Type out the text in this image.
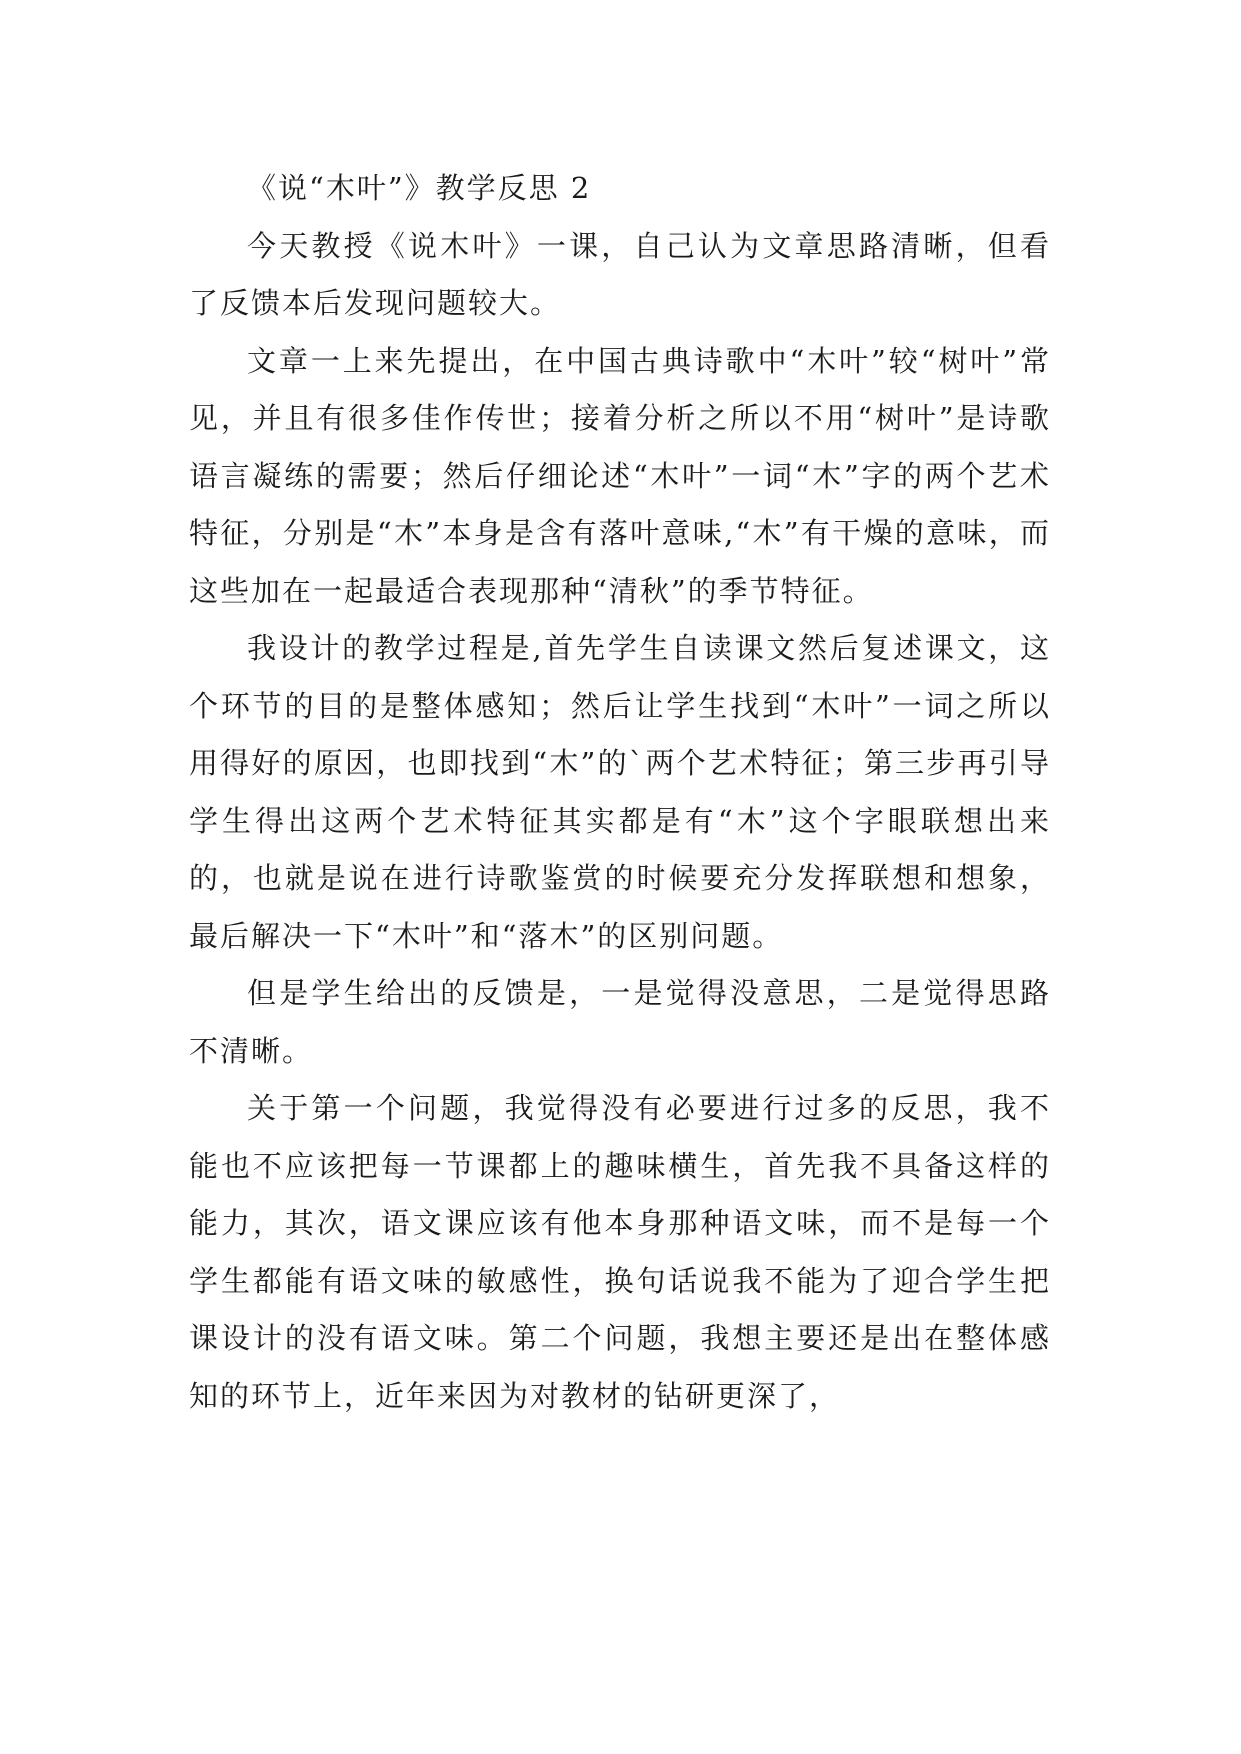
《说“木叶”》教学反思 2

今天教授《说木叶》一课，自己认为文章思路清晰，但看了反馈本后发现问题较大。

文章一上来先提出，在中国古典诗歌中“木叶”较“树叶”常见，并且有很多佳作传世；接着分析之所以不用“树叶”是诗歌语言凝练的需要；然后仔细论述“木叶”一词“木”字的两个艺术特征，分别是“木”本身是含有落叶意味,“木”有干燥的意味，而这些加在一起最适合表现那种“清秋”的季节特征。

我设计的教学过程是,首先学生自读课文然后复述课文，这个环节的目的是整体感知；然后让学生找到“木叶”一词之所以用得好的原因，也即找到“木”的`两个艺术特征；第三步再引导学生得出这两个艺术特征其实都是有“木”这个字眼联想出来的，也就是说在进行诗歌鉴赏的时候要充分发挥联想和想象，最后解决一下“木叶”和“落木”的区别问题。

但是学生给出的反馈是，一是觉得没意思，二是觉得思路不清晰。

关于第一个问题，我觉得没有必要进行过多的反思，我不能也不应该把每一节课都上的趣味横生，首先我不具备这样的能力，其次，语文课应该有他本身那种语文味，而不是每一个学生都能有语文味的敏感性，换句话说我不能为了迎合学生把课设计的没有语文味。第二个问题，我想主要还是出在整体感知的环节上，近年来因为对教材的钻研更深了，
